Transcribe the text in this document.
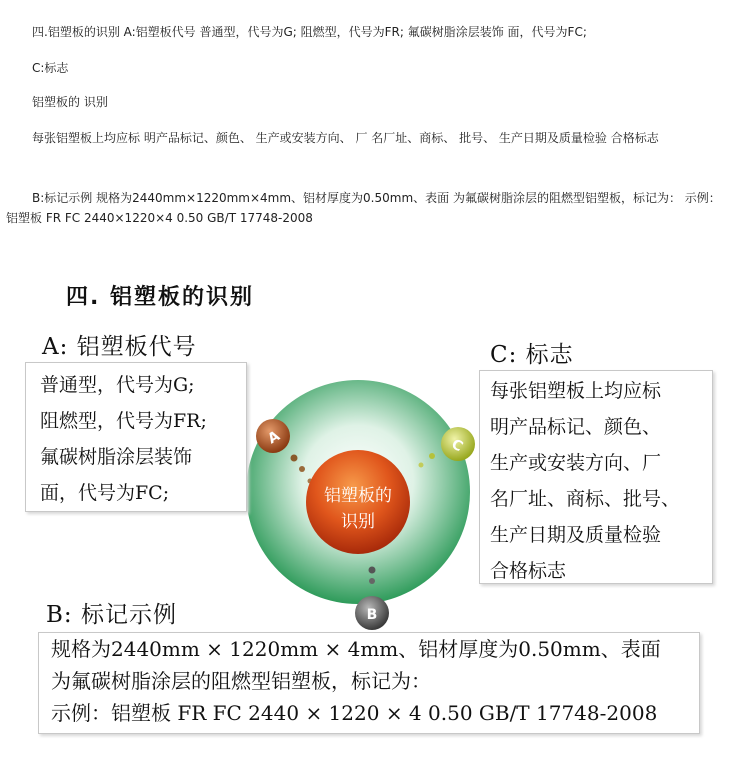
四.铝塑板的识别 A:铝塑板代号 普通型，代号为G; 阻燃型，代号为FR; 氟碳树脂涂层装饰 面，代号为FC;

C:标志

铝塑板的 识别

每张铝塑板上均应标 明产品标记、颜色、 生产或安装方向、 厂 名厂址、商标、 批号、 生产日期及质量检验 合格标志

B:标记示例 规格为2440mm×1220mm×4mm、铝材厚度为0.50mm、表面 为氟碳树脂涂层的阻燃型铝塑板，标记为： 示例：铝塑板 FR FC 2440×1220×4 0.50 GB/T 17748-2008

A	C
B
铝塑板的
识别
四. 铝塑板的识别
A: 铝塑板代号	C: 标志
B: 标记示例
普通型，代号为G;
阻燃型，代号为FR;
氟碳树脂涂层装饰
面，代号为FC;
每张铝塑板上均应标
明产品标记、颜色、
生产或安装方向、厂
名厂址、商标、批号、
生产日期及质量检验
合格标志
规格为2440mm × 1220mm × 4mm、铝材厚度为0.50mm、表面
为氟碳树脂涂层的阻燃型铝塑板，标记为：
示例：铝塑板 FR FC 2440 × 1220 × 4 0.50 GB/T 17748-2008
